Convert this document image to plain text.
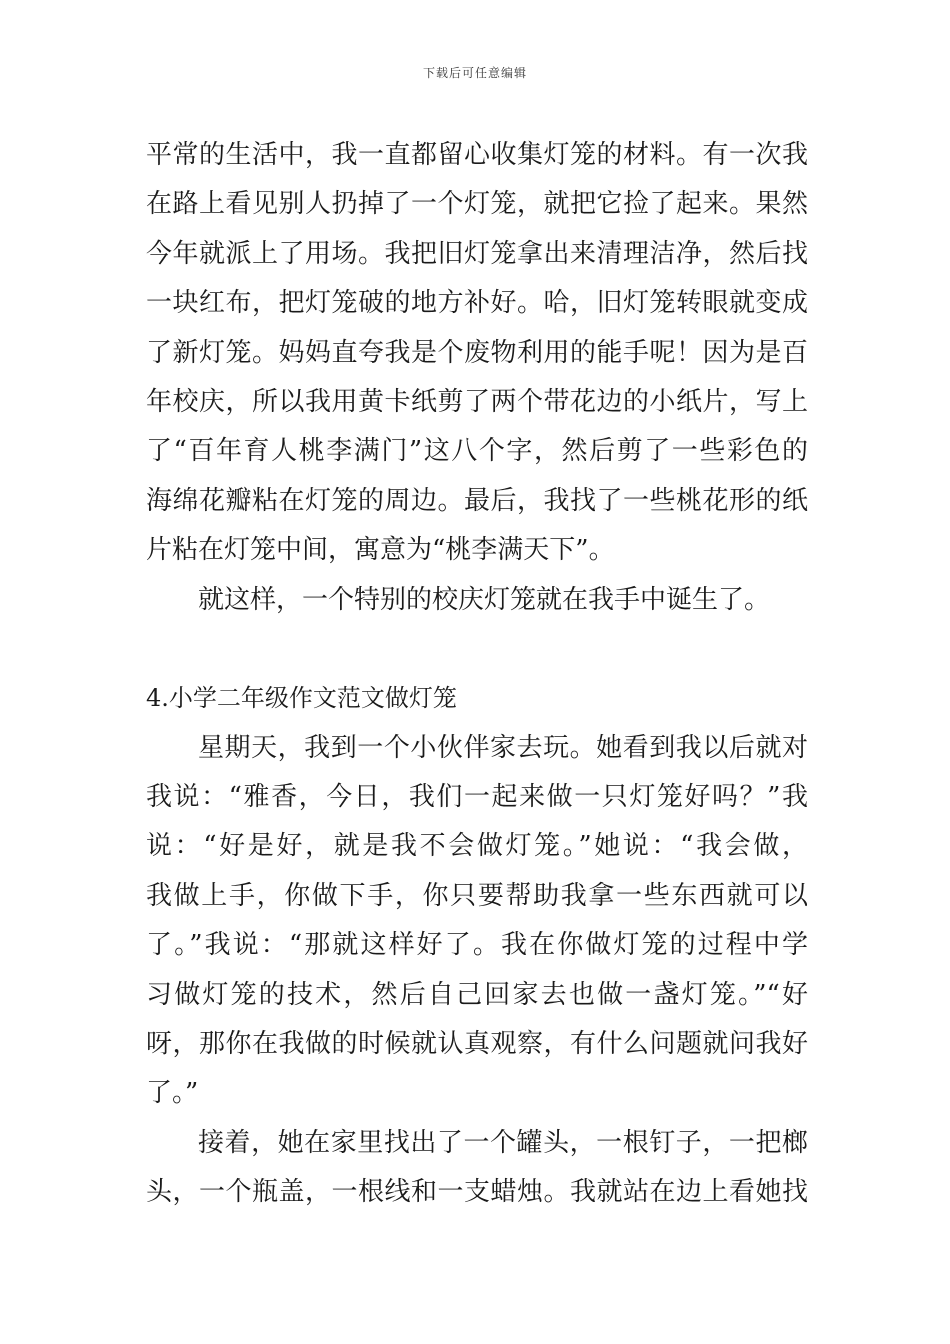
下载后可任意编辑
平常的生活中，我一直都留心收集灯笼的材料。有一次我
在路上看见别人扔掉了一个灯笼，就把它捡了起来。果然
今年就派上了用场。我把旧灯笼拿出来清理洁净，然后找
一块红布，把灯笼破的地方补好。哈，旧灯笼转眼就变成
了新灯笼。妈妈直夸我是个废物利用的能手呢！因为是百
年校庆，所以我用黄卡纸剪了两个带花边的小纸片，写上
了“百年育人桃李满门”这八个字，然后剪了一些彩色的
海绵花瓣粘在灯笼的周边。最后，我找了一些桃花形的纸
片粘在灯笼中间，寓意为“桃李满天下”。
就这样，一个特别的校庆灯笼就在我手中诞生了。
4.小学二年级作文范文做灯笼
星期天，我到一个小伙伴家去玩。她看到我以后就对
我说：“雅香，今日，我们一起来做一只灯笼好吗？”我
说：“好是好，就是我不会做灯笼。”她说：“我会做，
我做上手，你做下手，你只要帮助我拿一些东西就可以
了。”我说：“那就这样好了。我在你做灯笼的过程中学
习做灯笼的技术，然后自己回家去也做一盏灯笼。”“好
呀，那你在我做的时候就认真观察，有什么问题就问我好
了。”
接着，她在家里找出了一个罐头，一根钉子，一把榔
头，一个瓶盖，一根线和一支蜡烛。我就站在边上看她找
